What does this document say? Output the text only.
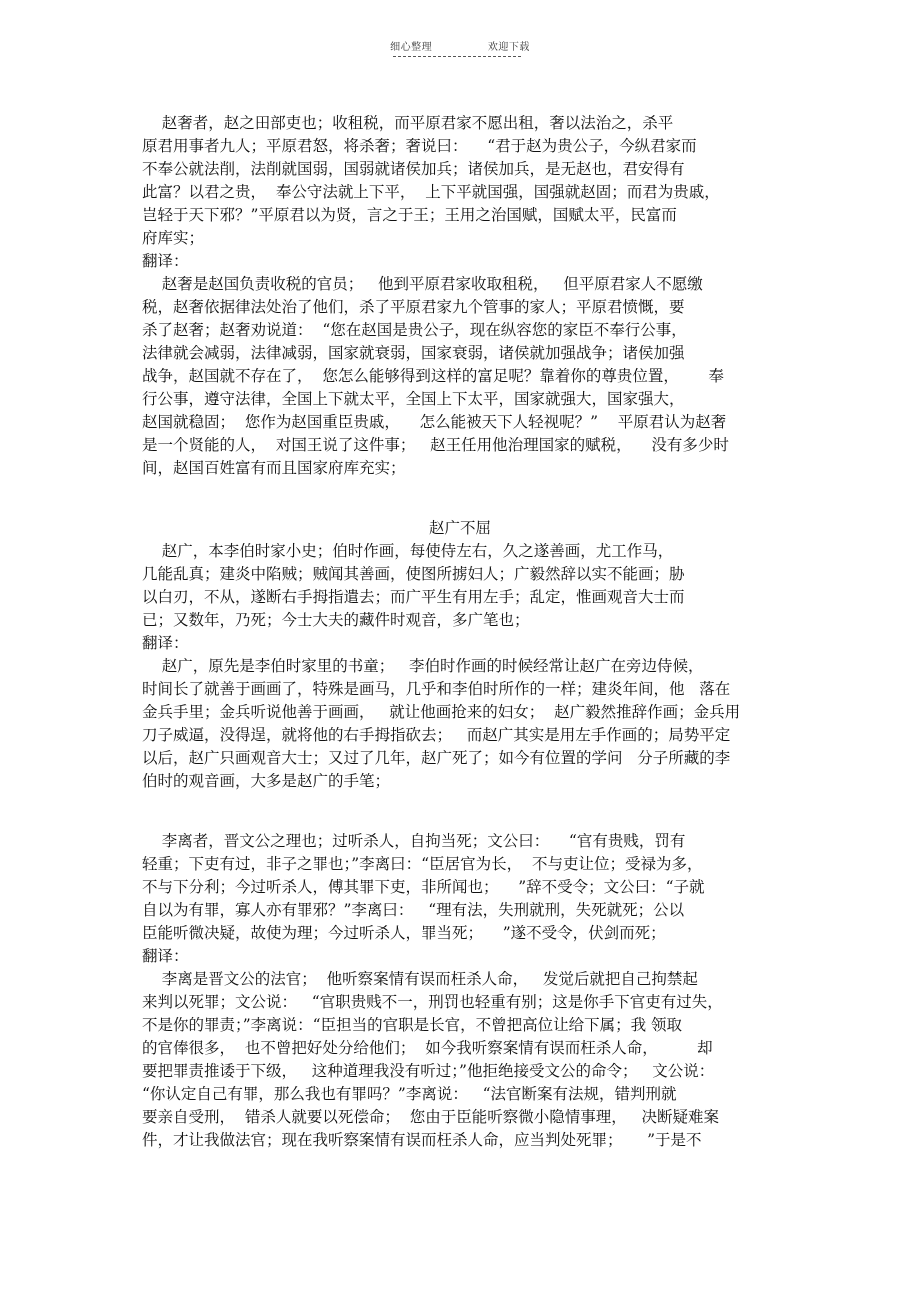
细心整理	欢迎下载

赵奢者，赵之田部吏也；收租税，而平原君家不愿出租，奢以法治之，杀平

原君用事者九人；平原君怒，将杀奢；奢说曰：    “君于赵为贵公子，今纵君家而

不奉公就法削，法削就国弱，国弱就诸侯加兵；诸侯加兵，是无赵也，君安得有

此富？以君之贵，  奉公守法就上下平，  上下平就国强，国强就赵固；而君为贵戚，

岂轻于天下邪？”平原君以为贤，言之于王；王用之治国赋，国赋太平，民富而

府库实；

翻译：

赵奢是赵国负责收税的官员；   他到平原君家收取租税，   但平原君家人不愿缴

税，赵奢依据律法处治了他们，杀了平原君家九个管事的家人；平原君愤慨，要

杀了赵奢；赵奢劝说道：  “您在赵国是贵公子，现在纵容您的家臣不奉行公事，

法律就会减弱，法律减弱，国家就衰弱，国家衰弱，诸侯就加强战争；诸侯加强

战争，赵国就不存在了，  您怎么能够得到这样的富足呢？靠着你的尊贵位置，      奉

行公事，遵守法律，全国上下就太平，全国上下太平，国家就强大，国家强大，

赵国就稳固；  您作为赵国重臣贵戚，    怎么能被天下人轻视呢？”    平原君认为赵奢

是一个贤能的人，  对国王说了这件事；   赵王任用他治理国家的赋税，    没有多少时

间，赵国百姓富有而且国家府库充实；

赵广不屈

赵广，本李伯时家小史；伯时作画，每使侍左右，久之遂善画，尤工作马，

几能乱真；建炎中陷贼；贼闻其善画，使图所掳妇人；广毅然辞以实不能画；胁

以白刃，不从，遂断右手拇指遣去；而广平生有用左手；乱定，惟画观音大士而

已；又数年，乃死；今士大夫的藏件时观音，多广笔也；

翻译：

赵广，原先是李伯时家里的书童；   李伯时作画的时候经常让赵广在旁边侍候，

时间长了就善于画画了，特殊是画马，几乎和李伯时所作的一样；建炎年间，他   落在

金兵手里；金兵听说他善于画画，   就让他画抢来的妇女；  赵广毅然推辞作画；金兵用

刀子威逼，没得逞，就将他的右手拇指砍去；   而赵广其实是用左手作画的；局势平定

以后，赵广只画观音大士；又过了几年，赵广死了；如今有位置的学问   分子所藏的李

伯时的观音画，大多是赵广的手笔；

李离者，晋文公之理也；过听杀人，自拘当死；文公曰：    “官有贵贱，罚有

轻重；下吏有过，非子之罪也；”李离曰：“臣居官为长，  不与吏让位；受禄为多，

不与下分利；今过听杀人，傅其罪下吏，非所闻也；    ”辞不受令；文公曰：“子就

自以为有罪，寡人亦有罪邪？”李离曰：   “理有法，失刑就刑，失死就死；公以

臣能听微决疑，故使为理；今过听杀人，罪当死；    ”遂不受令，伏剑而死；

翻译：

李离是晋文公的法官；  他听察案情有误而枉杀人命，   发觉后就把自己拘禁起

来判以死罪；文公说：   “官职贵贱不一，刑罚也轻重有别；这是你手下官吏有过失，

不是你的罪责；”李离说：“臣担当的官职是长官，不曾把高位让给下属；我 领取

的官俸很多，  也不曾把好处分给他们；  如今我听察案情有误而枉杀人命，        却

要把罪责推诿于下级，   这种道理我没有听过；”他拒绝接受文公的命令；   文公说：

“你认定自己有罪，那么我也有罪吗？”李离说：   “法官断案有法规，错判刑就

要亲自受刑，  错杀人就要以死偿命；  您由于臣能听察微小隐情事理，   决断疑难案

件，才让我做法官；现在我听察案情有误而枉杀人命，应当判处死罪；     ”于是不
